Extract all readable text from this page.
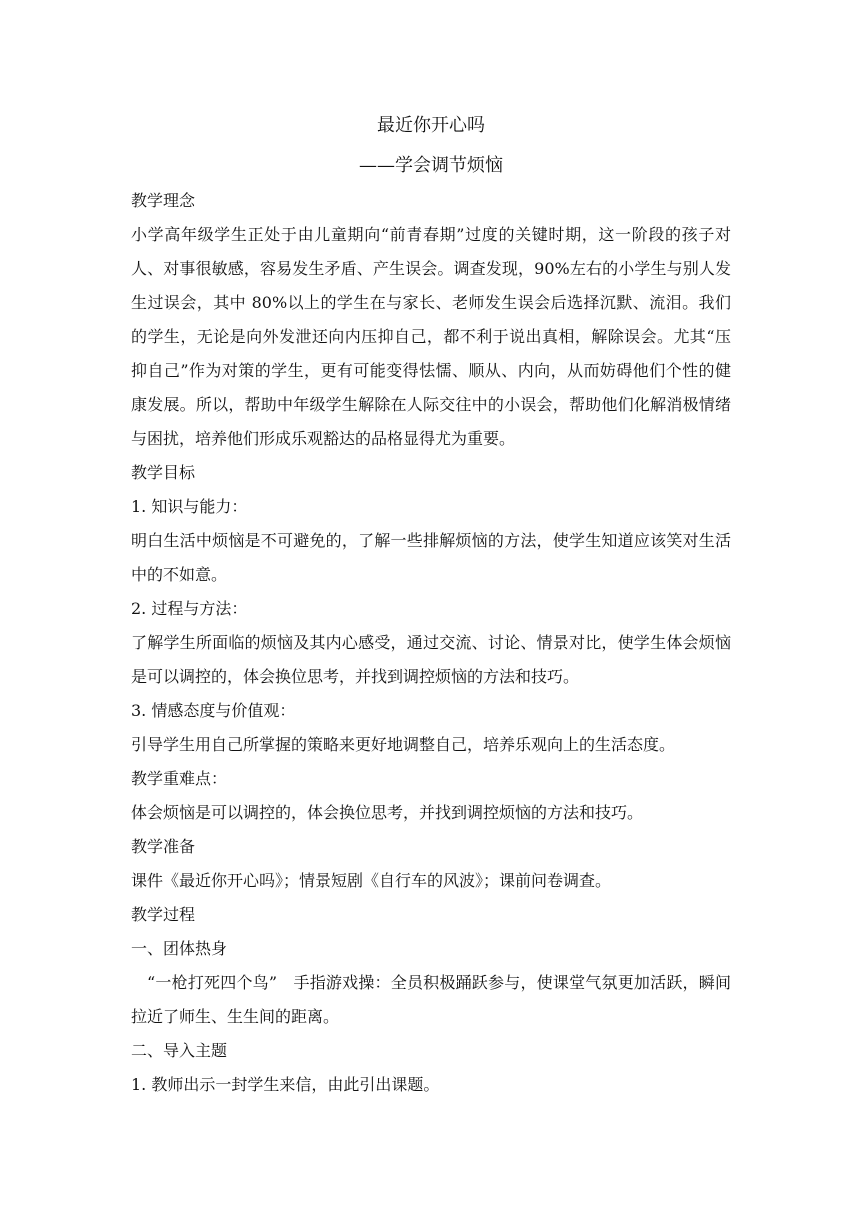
最近你开心吗

——学会调节烦恼

教学理念

小学高年级学生正处于由儿童期向“前青春期”过度的关键时期，这一阶段的孩子对人、对事很敏感，容易发生矛盾、产生误会。调查发现，90%左右的小学生与别人发生过误会，其中 80%以上的学生在与家长、老师发生误会后选择沉默、流泪。我们的学生，无论是向外发泄还向内压抑自己，都不利于说出真相，解除误会。尤其“压抑自己”作为对策的学生，更有可能变得怯懦、顺从、内向，从而妨碍他们个性的健康发展。所以，帮助中年级学生解除在人际交往中的小误会，帮助他们化解消极情绪与困扰，培养他们形成乐观豁达的品格显得尤为重要。

教学目标

1. 知识与能力：

明白生活中烦恼是不可避免的，了解一些排解烦恼的方法，使学生知道应该笑对生活中的不如意。

2. 过程与方法：

了解学生所面临的烦恼及其内心感受，通过交流、讨论、情景对比，使学生体会烦恼是可以调控的，体会换位思考，并找到调控烦恼的方法和技巧。

3. 情感态度与价值观：

引导学生用自己所掌握的策略来更好地调整自己，培养乐观向上的生活态度。

教学重难点：

体会烦恼是可以调控的，体会换位思考，并找到调控烦恼的方法和技巧。

教学准备

课件《最近你开心吗》；情景短剧《自行车的风波》；课前问卷调查。

教学过程

一、团体热身

“一枪打死四个鸟”　手指游戏操：全员积极踊跃参与，使课堂气氛更加活跃，瞬间拉近了师生、生生间的距离。

二、导入主题

1. 教师出示一封学生来信，由此引出课题。
